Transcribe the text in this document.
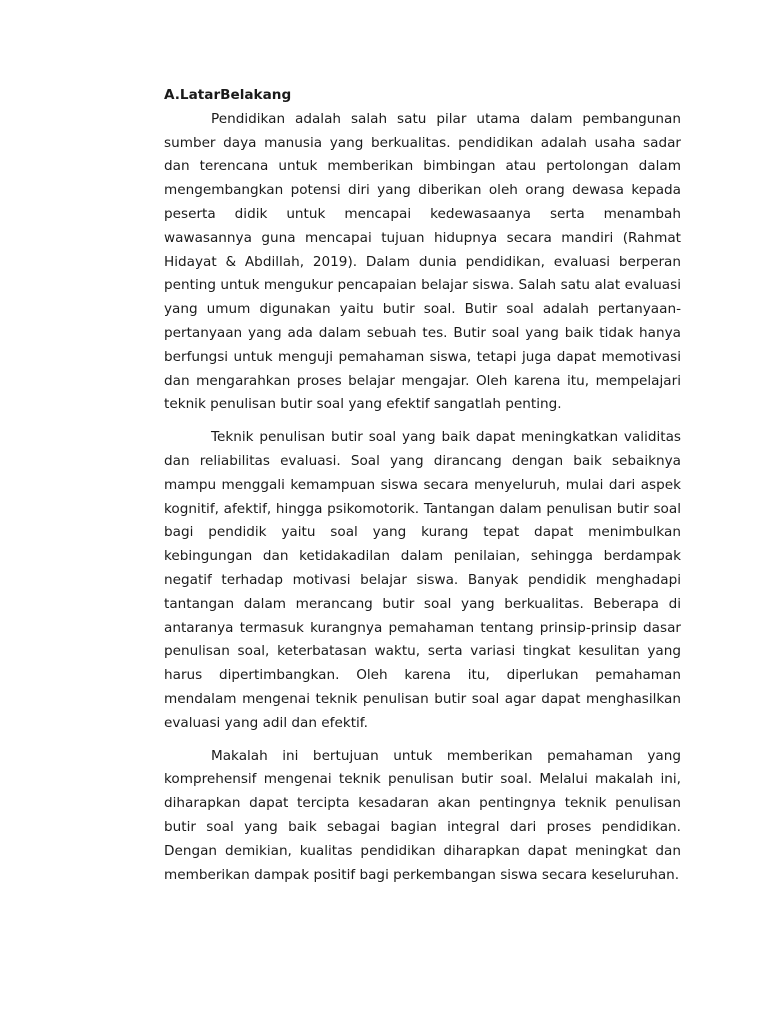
A.LatarBelakang

Pendidikan adalah salah satu pilar utama dalam pembangunan sumber daya manusia yang berkualitas. pendidikan adalah usaha sadar dan terencana untuk memberikan bimbingan atau pertolongan dalam mengembangkan potensi diri yang diberikan oleh orang dewasa kepada peserta didik untuk mencapai kedewasaanya serta menambah wawasannya guna mencapai tujuan hidupnya secara mandiri (Rahmat Hidayat & Abdillah, 2019). Dalam dunia pendidikan, evaluasi berperan penting untuk mengukur pencapaian belajar siswa. Salah satu alat evaluasi yang umum digunakan yaitu butir soal. Butir soal adalah pertanyaan-pertanyaan yang ada dalam sebuah tes. Butir soal yang baik tidak hanya berfungsi untuk menguji pemahaman siswa, tetapi juga dapat memotivasi dan mengarahkan proses belajar mengajar. Oleh karena itu, mempelajari teknik penulisan butir soal yang efektif sangatlah penting.

Teknik penulisan butir soal yang baik dapat meningkatkan validitas dan reliabilitas evaluasi. Soal yang dirancang dengan baik sebaiknya mampu menggali kemampuan siswa secara menyeluruh, mulai dari aspek kognitif, afektif, hingga psikomotorik. Tantangan dalam penulisan butir soal bagi pendidik yaitu soal yang kurang tepat dapat menimbulkan kebingungan dan ketidakadilan dalam penilaian, sehingga berdampak negatif terhadap motivasi belajar siswa. Banyak pendidik menghadapi tantangan dalam merancang butir soal yang berkualitas. Beberapa di antaranya termasuk kurangnya pemahaman tentang prinsip-prinsip dasar penulisan soal, keterbatasan waktu, serta variasi tingkat kesulitan yang harus dipertimbangkan. Oleh karena itu, diperlukan pemahaman mendalam mengenai teknik penulisan butir soal agar dapat menghasilkan evaluasi yang adil dan efektif.

Makalah ini bertujuan untuk memberikan pemahaman yang komprehensif mengenai teknik penulisan butir soal. Melalui makalah ini, diharapkan dapat tercipta kesadaran akan pentingnya teknik penulisan butir soal yang baik sebagai bagian integral dari proses pendidikan. Dengan demikian, kualitas pendidikan diharapkan dapat meningkat dan memberikan dampak positif bagi perkembangan siswa secara keseluruhan.
